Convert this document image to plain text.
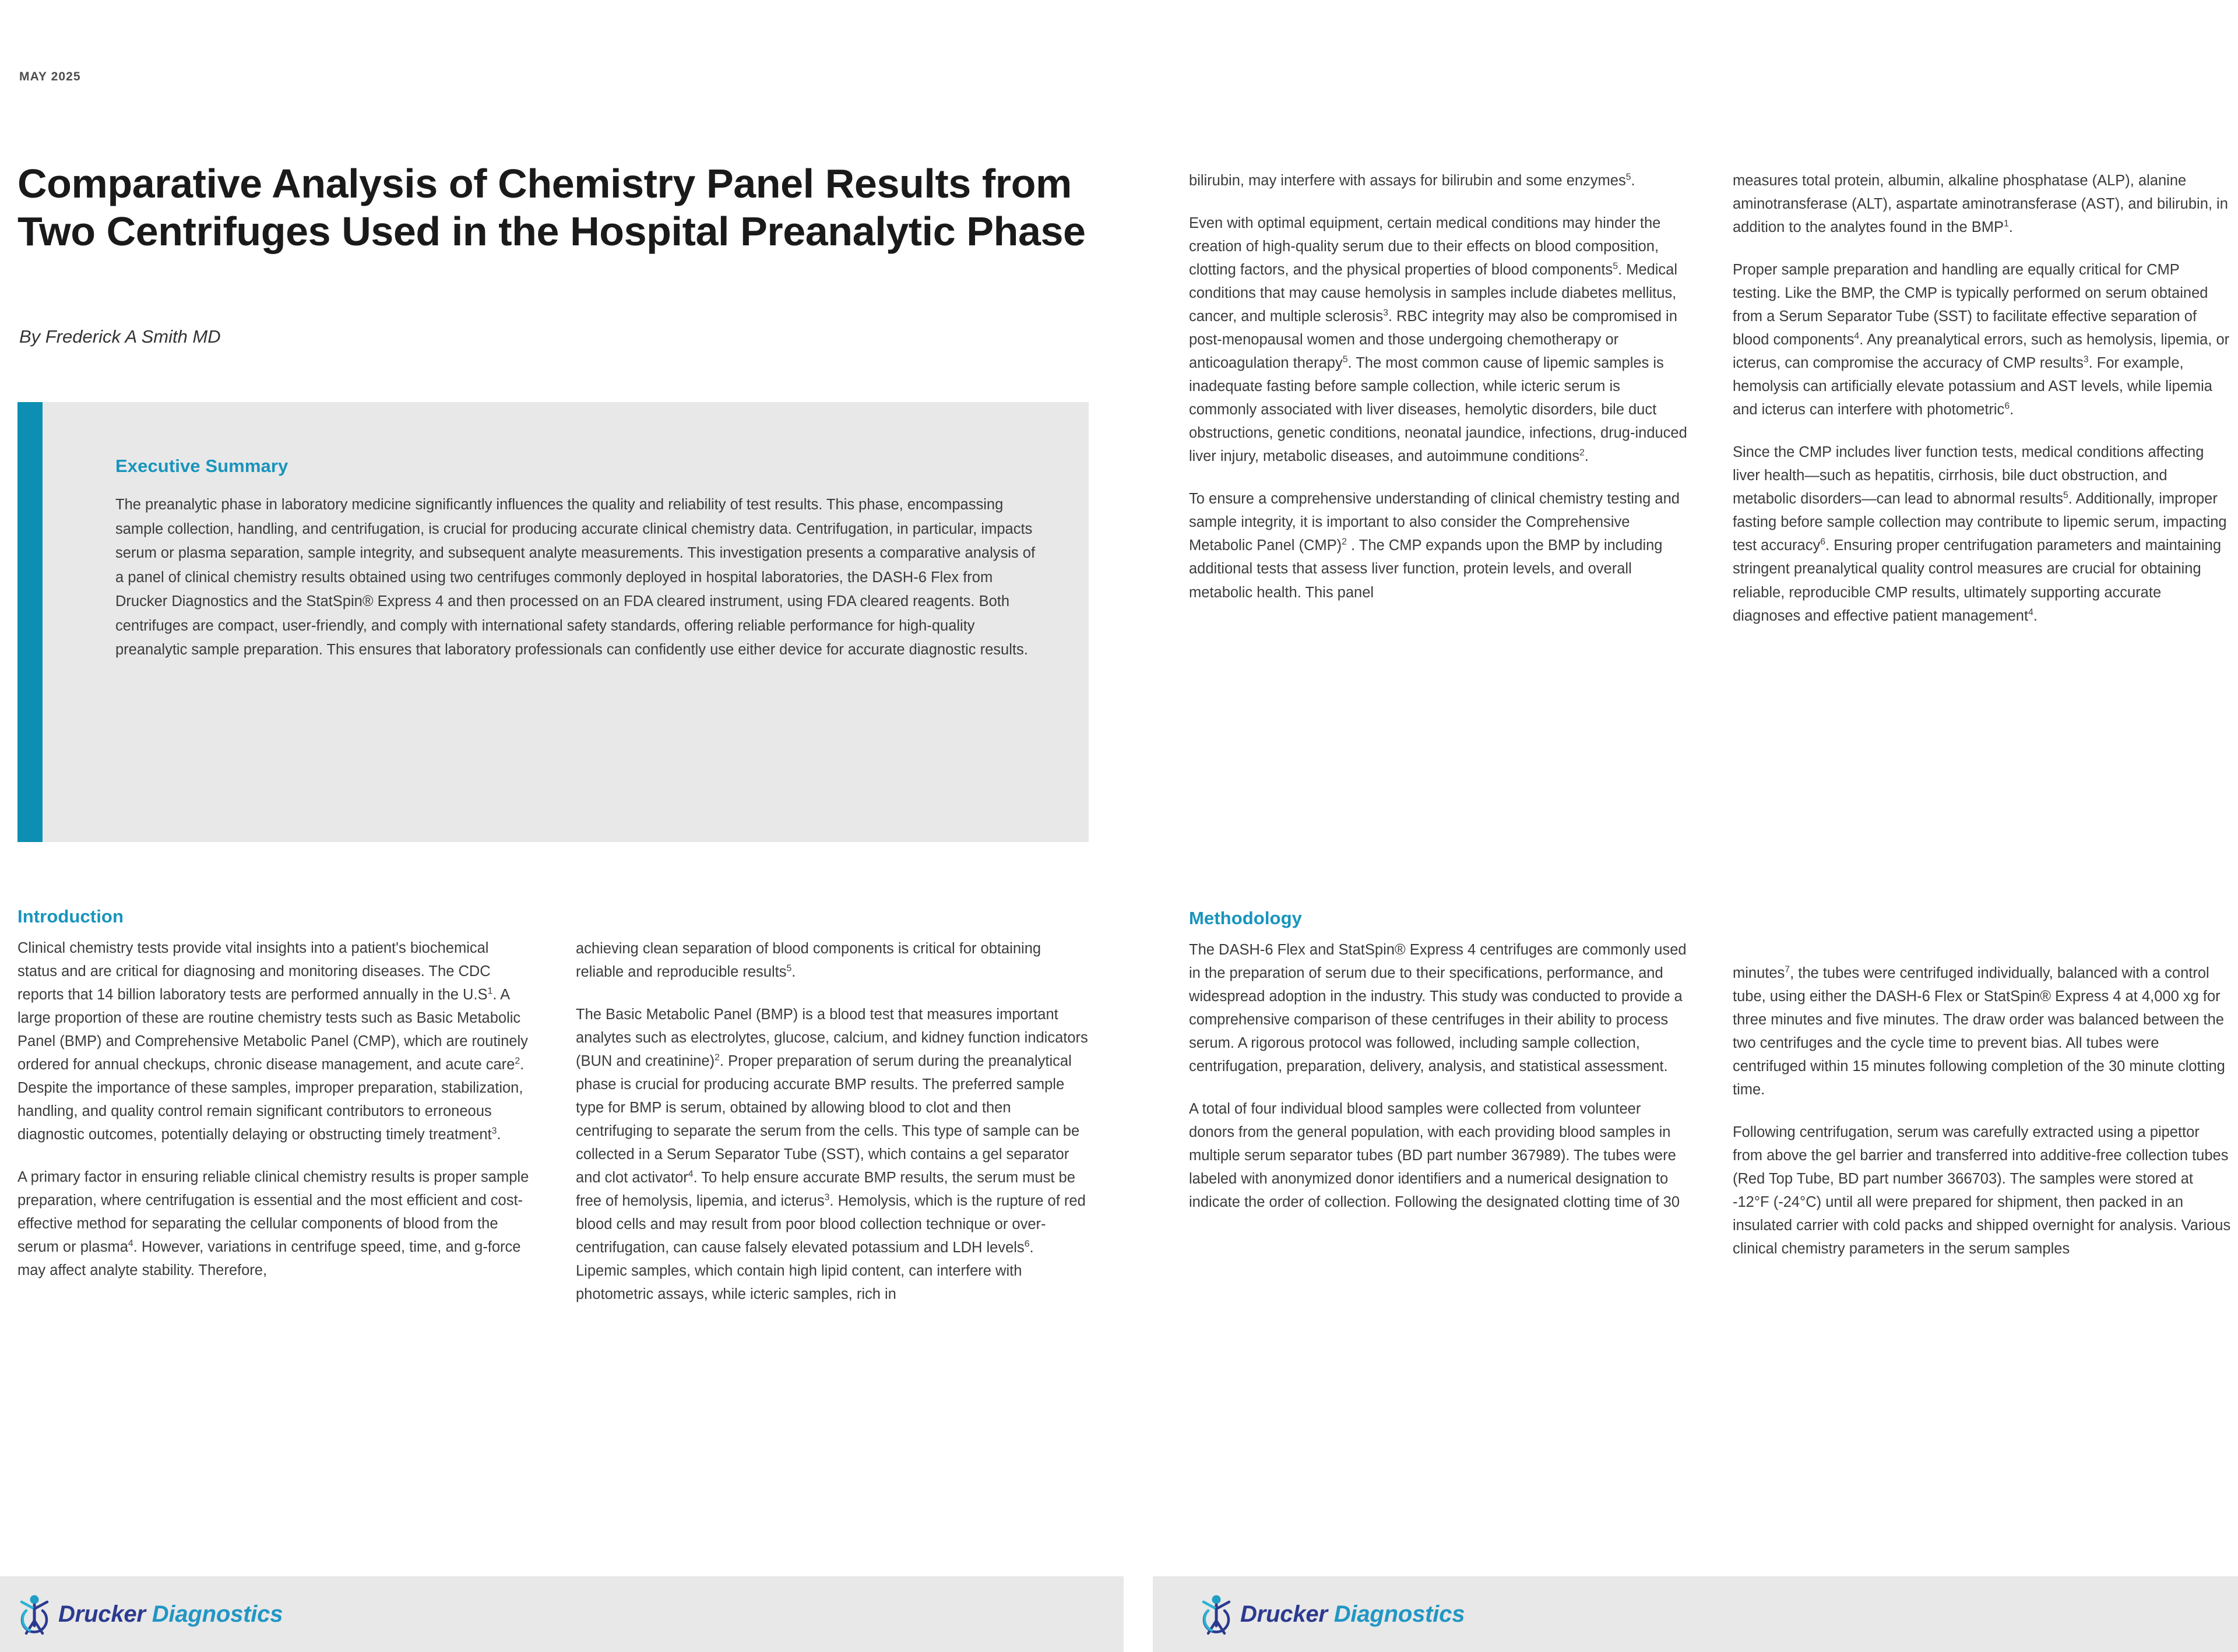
MAY 2025
Comparative Analysis of Chemistry Panel Results from Two Centrifuges Used in the Hospital Preanalytic Phase
By Frederick A Smith MD
Executive Summary

The preanalytic phase in laboratory medicine significantly influences the quality and reliability of test results. This phase, encompassing sample collection, handling, and centrifugation, is crucial for producing accurate clinical chemistry data. Centrifugation, in particular, impacts serum or plasma separation, sample integrity, and subsequent analyte measurements. This investigation presents a comparative analysis of a panel of clinical chemistry results obtained using two centrifuges commonly deployed in hospital laboratories, the DASH-6 Flex from Drucker Diagnostics and the StatSpin® Express 4 and then processed on an FDA cleared instrument, using FDA cleared reagents. Both centrifuges are compact, user-friendly, and comply with international safety standards, offering reliable performance for high-quality preanalytic sample preparation. This ensures that laboratory professionals can confidently use either device for accurate diagnostic results.

Introduction

Clinical chemistry tests provide vital insights into a patient's biochemical status and are critical for diagnosing and monitoring diseases. The CDC reports that 14 billion laboratory tests are performed annually in the $U.S^1$. A large proportion of these are routine chemistry tests such as Basic Metabolic Panel (BMP) and Comprehensive Metabolic Panel (CMP), which are routinely ordered for annual checkups, chronic disease management, and acute care$^2$. Despite the importance of these samples, improper preparation, stabilization, handling, and quality control remain significant contributors to erroneous diagnostic outcomes, potentially delaying or obstructing timely treatment$^3$.

A primary factor in ensuring reliable clinical chemistry results is proper sample preparation, where centrifugation is essential and the most efficient and cost-effective method for separating the cellular components of blood from the serum or plasma$^4$. However, variations in centrifuge speed, time, and g-force may affect analyte stability. Therefore,

achieving clean separation of blood components is critical for obtaining reliable and reproducible results$^5$.

The Basic Metabolic Panel (BMP) is a blood test that measures important analytes such as electrolytes, glucose, calcium, and kidney function indicators (BUN and creatinine)$^2$. Proper preparation of serum during the preanalytical phase is crucial for producing accurate BMP results. The preferred sample type for BMP is serum, obtained by allowing blood to clot and then centrifuging to separate the serum from the cells. This type of sample can be collected in a Serum Separator Tube (SST), which contains a gel separator and clot activator$^4$. To help ensure accurate BMP results, the serum must be free of hemolysis, lipemia, and icterus$^3$. Hemolysis, which is the rupture of red blood cells and may result from poor blood collection technique or over-centrifugation, can cause falsely elevated potassium and LDH levels$^6$. Lipemic samples, which contain high lipid content, can interfere with photometric assays, while icteric samples, rich in

Drucker Diagnostics

bilirubin, may interfere with assays for bilirubin and some enzymes$^5$.

Even with optimal equipment, certain medical conditions may hinder the creation of high-quality serum due to their effects on blood composition, clotting factors, and the physical properties of blood components$^5$. Medical conditions that may cause hemolysis in samples include diabetes mellitus, cancer, and multiple sclerosis$^3$. RBC integrity may also be compromised in post-menopausal women and those undergoing chemotherapy or anticoagulation therapy$^5$. The most common cause of lipemic samples is inadequate fasting before sample collection, while icteric serum is commonly associated with liver diseases, hemolytic disorders, bile duct obstructions, genetic conditions, neonatal jaundice, infections, drug-induced liver injury, metabolic diseases, and autoimmune conditions$^2$.

To ensure a comprehensive understanding of clinical chemistry testing and sample integrity, it is important to also consider the Comprehensive Metabolic Panel (CMP)$^2$ . The CMP expands upon the BMP by including additional tests that assess liver function, protein levels, and overall metabolic health. This panel

measures total protein, albumin, alkaline phosphatase (ALP), alanine aminotransferase (ALT), aspartate aminotransferase (AST), and bilirubin, in addition to the analytes found in the BMP$^1$.

Proper sample preparation and handling are equally critical for CMP testing. Like the BMP, the CMP is typically performed on serum obtained from a Serum Separator Tube (SST) to facilitate effective separation of blood components$^4$. Any preanalytical errors, such as hemolysis, lipemia, or icterus, can compromise the accuracy of CMP results$^3$. For example, hemolysis can artificially elevate potassium and AST levels, while lipemia and icterus can interfere with photometric$^6$.

Since the CMP includes liver function tests, medical conditions affecting liver health—such as hepatitis, cirrhosis, bile duct obstruction, and metabolic disorders—can lead to abnormal results$^5$. Additionally, improper fasting before sample collection may contribute to lipemic serum, impacting test accuracy$^6$. Ensuring proper centrifugation parameters and maintaining stringent preanalytical quality control measures are crucial for obtaining reliable, reproducible CMP results, ultimately supporting accurate diagnoses and effective patient management$^4$.

Methodology

The DASH-6 Flex and StatSpin® Express 4 centrifuges are commonly used in the preparation of serum due to their specifications, performance, and widespread adoption in the industry. This study was conducted to provide a comprehensive comparison of these centrifuges in their ability to process serum. A rigorous protocol was followed, including sample collection, centrifugation, preparation, delivery, analysis, and statistical assessment.

A total of four individual blood samples were collected from volunteer donors from the general population, with each providing blood samples in multiple serum separator tubes (BD part number 367989). The tubes were labeled with anonymized donor identifiers and a numerical designation to indicate the order of collection. Following the designated clotting time of 30

minutes$^7$, the tubes were centrifuged individually, balanced with a control tube, using either the DASH-6 Flex or StatSpin® Express 4 at 4,000 xg for three minutes and five minutes. The draw order was balanced between the two centrifuges and the cycle time to prevent bias. All tubes were centrifuged within 15 minutes following completion of the 30 minute clotting time.

Following centrifugation, serum was carefully extracted using a pipettor from above the gel barrier and transferred into additive-free collection tubes (Red Top Tube, BD part number 366703). The samples were stored at -12°F (-24°C) until all were prepared for shipment, then packed in an insulated carrier with cold packs and shipped overnight for analysis. Various clinical chemistry parameters in the serum samples

Drucker Diagnostics
